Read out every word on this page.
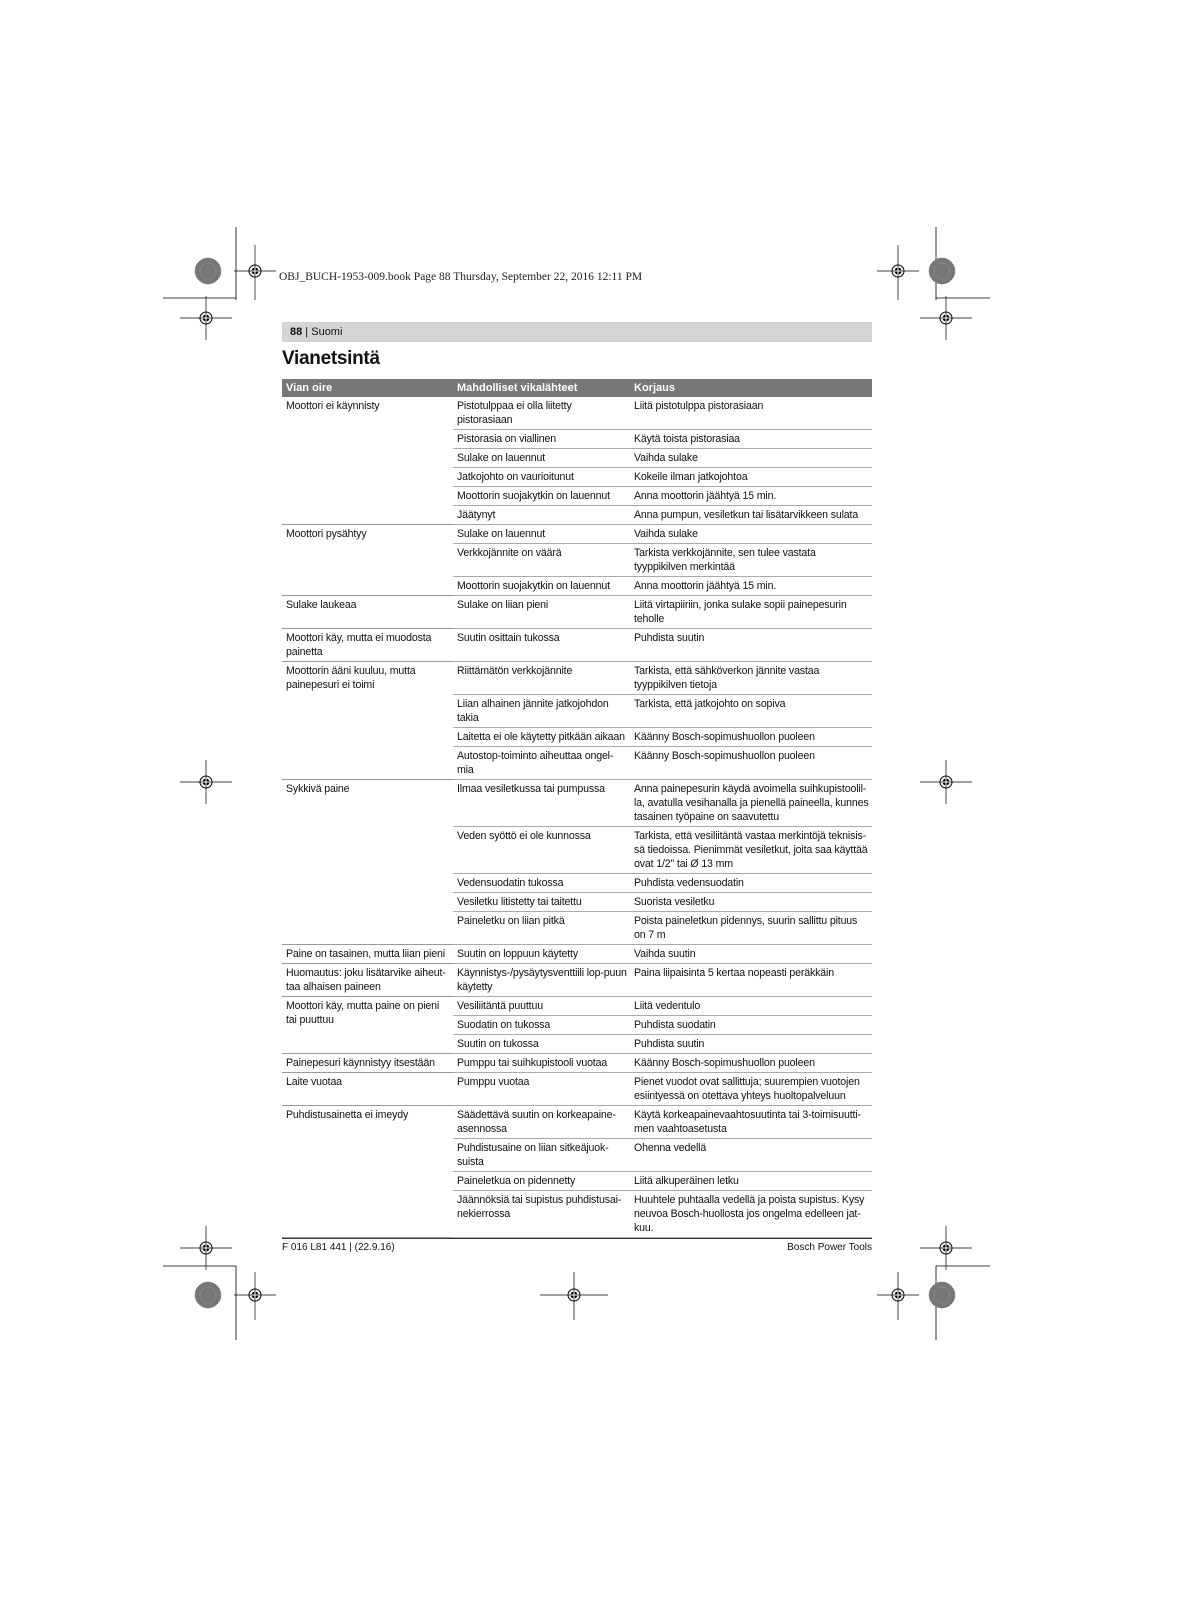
OBJ_BUCH-1953-009.book Page 88 Thursday, September 22, 2016 12:11 PM
88 | Suomi
Vianetsintä
Vian oire	Mahdolliset vikalähteet	Korjaus
Moottori ei käynnisty	Pistotulppaa ei olla liitetty pistorasiaan	Liitä pistotulppa pistorasiaan
	Pistorasia on viallinen	Käytä toista pistorasiaa
	Sulake on lauennut	Vaihda sulake
	Jatkojohto on vaurioitunut	Kokeile ilman jatkojohtoa
	Moottorin suojakytkin on lauennut	Anna moottorin jäähtyä 15 min.
	Jäätynyt	Anna pumpun, vesiletkun tai lisätarvikkeen sulata
Moottori pysähtyy	Sulake on lauennut	Vaihda sulake
	Verkkojännite on väärä	Tarkista verkkojännite, sen tulee vastata tyyppikilven merkintää
	Moottorin suojakytkin on lauennut	Anna moottorin jäähtyä 15 min.
Sulake laukeaa	Sulake on liian pieni	Liitä virtapiiriin, jonka sulake sopii painepesurin teholle
Moottori käy, mutta ei muodosta painetta	Suutin osittain tukossa	Puhdista suutin
Moottorin ääni kuuluu, mutta painepesuri ei toimi	Riittämätön verkkojännite	Tarkista, että sähköverkon jännite vastaa tyyppikilven tietoja
	Liian alhainen jännite jatkojohdon takia	Tarkista, että jatkojohto on sopiva
	Laitetta ei ole käytetty pitkään aikaan	Käänny Bosch-sopimushuollon puoleen
	Autostop-toiminto aiheuttaa ongel-mia	Käänny Bosch-sopimushuollon puoleen
Sykkivä paine	Ilmaa vesiletkussa tai pumpussa	Anna painepesurin käydä avoimella suihkupistoolil-la, avatulla vesihanalla ja pienellä paineella, kunnes tasainen työpaine on saavutettu
	Veden syöttö ei ole kunnossa	Tarkista, että vesiliitäntä vastaa merkintöjä teknisis-sä tiedoissa. Pienimmät vesiletkut, joita saa käyttää ovat 1/2" tai Ø 13 mm
	Vedensuodatin tukossa	Puhdista vedensuodatin
	Vesiletku litistetty tai taitettu	Suorista vesiletku
	Paineletku on liian pitkä	Poista paineletkun pidennys, suurin sallittu pituus on 7 m
Paine on tasainen, mutta liian pieni	Suutin on loppuun käytetty	Vaihda suutin
Huomautus: joku lisätarvike aiheut-taa alhaisen paineen	Käynnistys-/pysäytysventtiili lop-puun käytetty	Paina liipaisinta 5 kertaa nopeasti peräkkäin
Moottori käy, mutta paine on pieni tai puuttuu	Vesiliitäntä puuttuu	Liitä vedentulo
	Suodatin on tukossa	Puhdista suodatin
	Suutin on tukossa	Puhdista suutin
Painepesuri käynnistyy itsestään	Pumppu tai suihkupistooli vuotaa	Käänny Bosch-sopimushuollon puoleen
Laite vuotaa	Pumppu vuotaa	Pienet vuodot ovat sallittuja; suurempien vuotojen esiintyessä on otettava yhteys huoltopalveluun
Puhdistusainetta ei imeydy	Säädettävä suutin on korkeapaine-asennossa	Käytä korkeapainevaahtosuutinta tai 3-toimisuutti-men vaahtoasetusta
	Puhdistusaine on liian sitkeäjuok-suista	Ohenna vedellä
	Paineletkua on pidennetty	Liitä alkuperäinen letku
	Jäännöksiä tai supistus puhdistusai-nekierrossa	Huuhtele puhtaalla vedellä ja poista supistus. Kysy neuvoa Bosch-huollosta jos ongelma edelleen jat-kuu.
F 016 L81 441 | (22.9.16)	Bosch Power Tools
